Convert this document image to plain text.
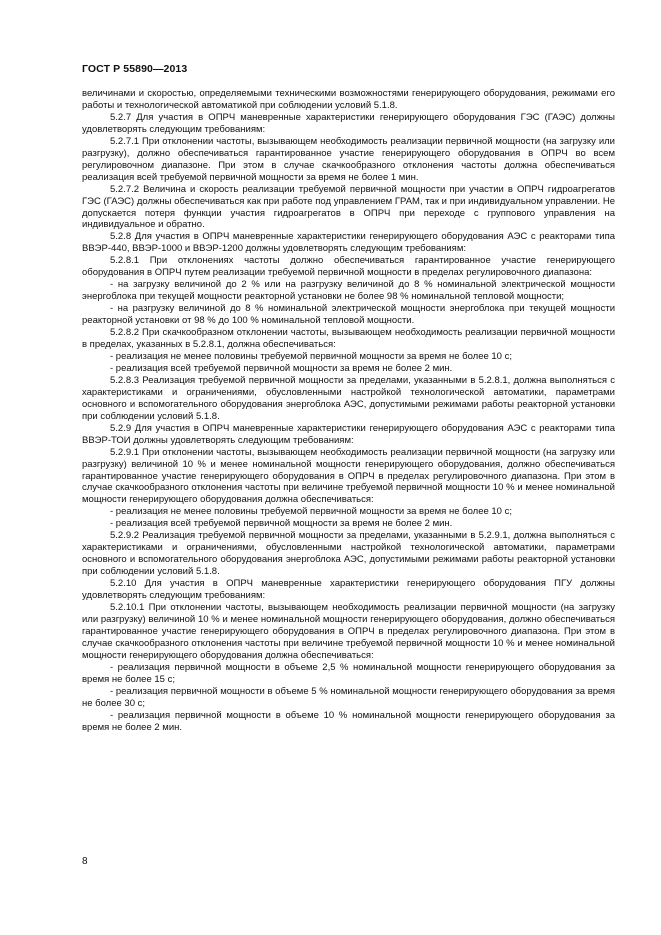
ГОСТ Р 55890—2013

величинами и скоростью, определяемыми техническими возможностями генерирующего оборудования, режимами его работы и технологической автоматикой при соблюдении условий 5.1.8.

5.2.7 Для участия в ОПРЧ маневренные характеристики генерирующего оборудования ГЭС (ГАЭС) должны удовлетворять следующим требованиям:

5.2.7.1 При отклонении частоты, вызывающем необходимость реализации первичной мощности (на загрузку или разгрузку), должно обеспечиваться гарантированное участие генерирующего оборудования в ОПРЧ во всем регулировочном диапазоне. При этом в случае скачкообразного отклонения частоты должна обеспечиваться реализация всей требуемой первичной мощности за время не более 1 мин.

5.2.7.2 Величина и скорость реализации требуемой первичной мощности при участии в ОПРЧ гидроагрегатов ГЭС (ГАЭС) должны обеспечиваться как при работе под управлением ГРАМ, так и при индивидуальном управлении. Не допускается потеря функции участия гидроагрегатов в ОПРЧ при переходе с группового управления на индивидуальное и обратно.

5.2.8 Для участия в ОПРЧ маневренные характеристики генерирующего оборудования АЭС с реакторами типа ВВЭР-440, ВВЭР-1000 и ВВЭР-1200 должны удовлетворять следующим требованиям:

5.2.8.1 При отклонениях частоты должно обеспечиваться гарантированное участие генерирующего оборудования в ОПРЧ путем реализации требуемой первичной мощности в пределах регулировочного диапазона:

- на загрузку величиной до 2 % или на разгрузку величиной до 8 % номинальной электрической мощности энергоблока при текущей мощности реакторной установки не более 98 % номинальной тепловой мощности;

- на разгрузку величиной до 8 % номинальной электрической мощности энергоблока при текущей мощности реакторной установки от 98 % до 100 % номинальной тепловой мощности.

5.2.8.2 При скачкообразном отклонении частоты, вызывающем необходимость реализации первичной мощности в пределах, указанных в 5.2.8.1, должна обеспечиваться:

- реализация не менее половины требуемой первичной мощности за время не более 10 с;

- реализация всей требуемой первичной мощности за время не более 2 мин.

5.2.8.3 Реализация требуемой первичной мощности за пределами, указанными в 5.2.8.1, должна выполняться с характеристиками и ограничениями, обусловленными настройкой технологической автоматики, параметрами основного и вспомогательного оборудования энергоблока АЭС, допустимыми режимами работы реакторной установки при соблюдении условий 5.1.8.

5.2.9 Для участия в ОПРЧ маневренные характеристики генерирующего оборудования АЭС с реакторами типа ВВЭР-ТОИ должны удовлетворять следующим требованиям:

5.2.9.1 При отклонении частоты, вызывающем необходимость реализации первичной мощности (на загрузку или разгрузку) величиной 10 % и менее номинальной мощности генерирующего оборудования, должно обеспечиваться гарантированное участие генерирующего оборудования в ОПРЧ в пределах регулировочного диапазона. При этом в случае скачкообразного отклонения частоты при величине требуемой первичной мощности 10 % и менее номинальной мощности генерирующего оборудования должна обеспечиваться:

- реализация не менее половины требуемой первичной мощности за время не более 10 с;

- реализация всей требуемой первичной мощности за время не более 2 мин.

5.2.9.2 Реализация требуемой первичной мощности за пределами, указанными в 5.2.9.1, должна выполняться с характеристиками и ограничениями, обусловленными настройкой технологической автоматики, параметрами основного и вспомогательного оборудования энергоблока АЭС, допустимыми режимами работы реакторной установки при соблюдении условий 5.1.8.

5.2.10 Для участия в ОПРЧ маневренные характеристики генерирующего оборудования ПГУ должны удовлетворять следующим требованиям:

5.2.10.1 При отклонении частоты, вызывающем необходимость реализации первичной мощности (на загрузку или разгрузку) величиной 10 % и менее номинальной мощности генерирующего оборудования, должно обеспечиваться гарантированное участие генерирующего оборудования в ОПРЧ в пределах регулировочного диапазона. При этом в случае скачкообразного отклонения частоты при величине требуемой первичной мощности 10 % и менее номинальной мощности генерирующего оборудования должна обеспечиваться:

- реализация первичной мощности в объеме 2,5 % номинальной мощности генерирующего оборудования за время не более 15 с;

- реализация первичной мощности в объеме 5 % номинальной мощности генерирующего оборудования за время не более 30 с;

- реализация первичной мощности в объеме 10 % номинальной мощности генерирующего оборудования за время не более 2 мин.

8
